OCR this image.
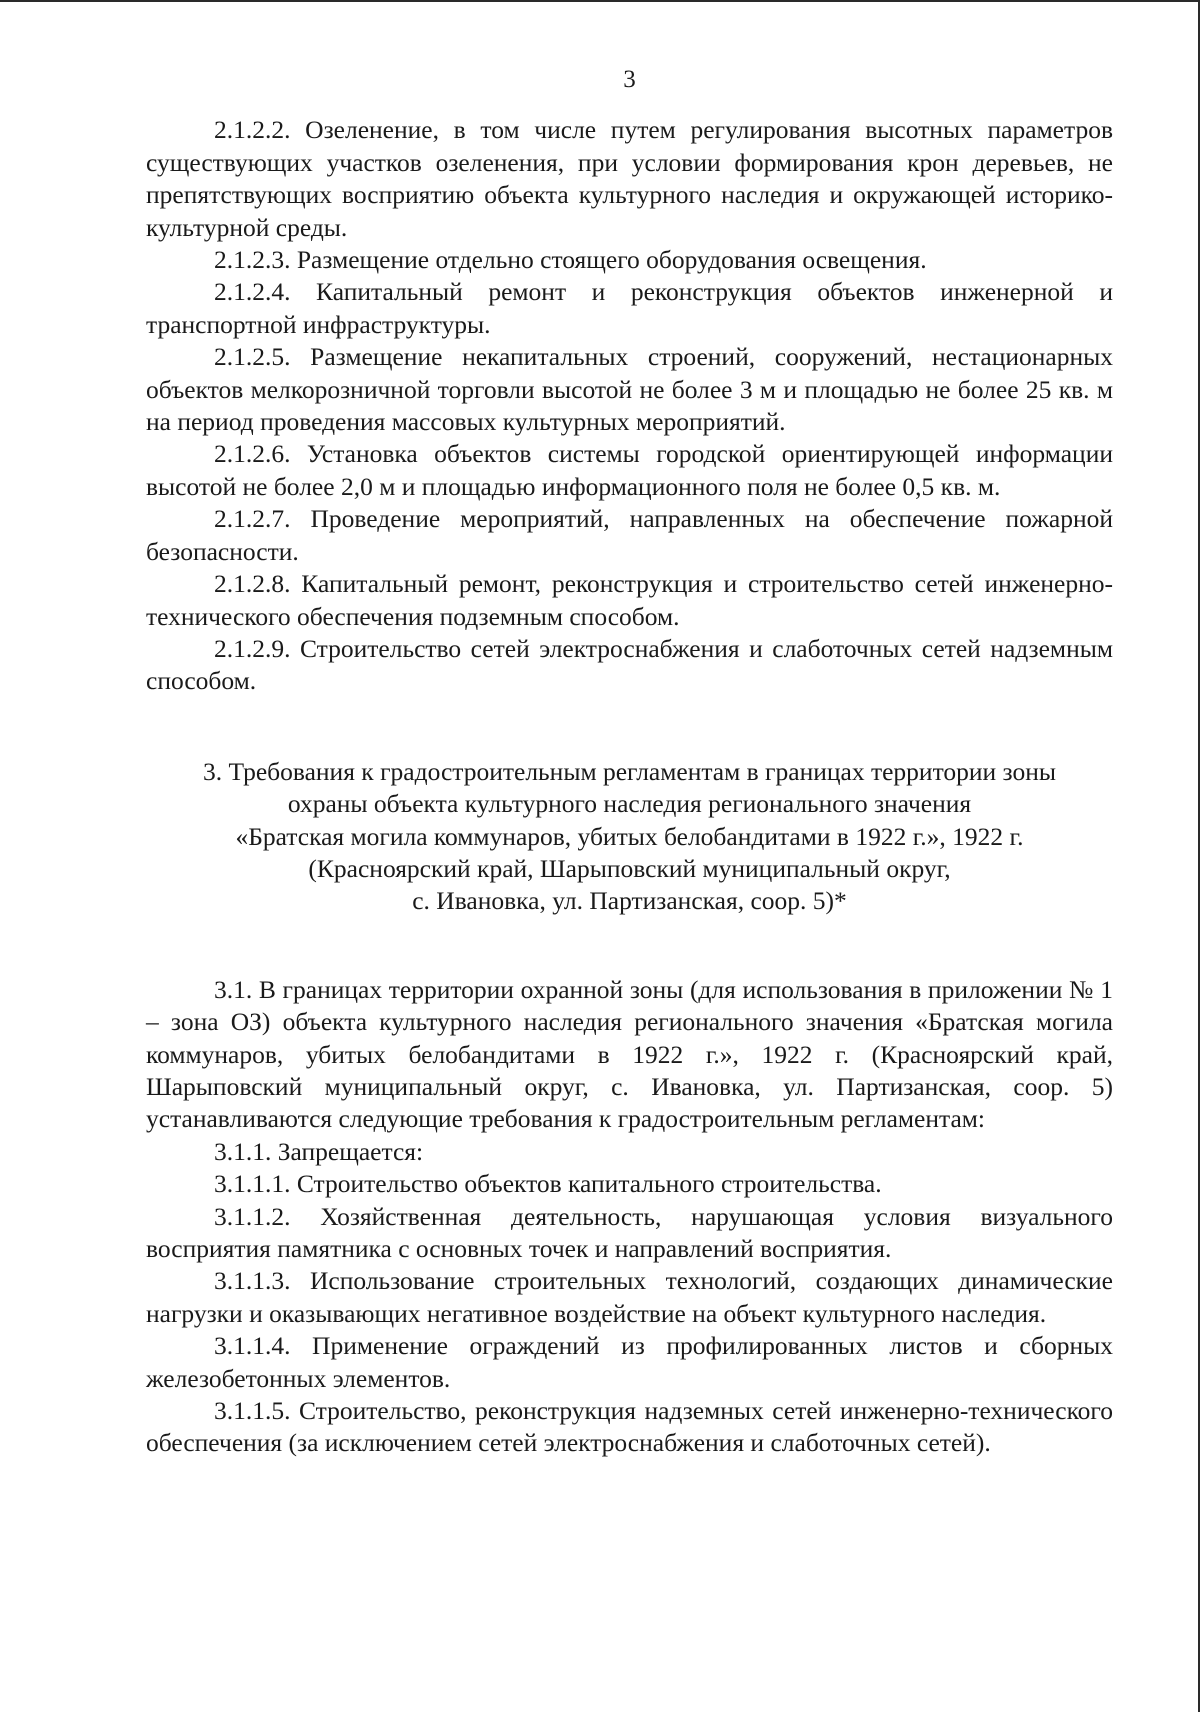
3

2.1.2.2. Озеленение, в том числе путем регулирования высотных параметров существующих участков озеленения, при условии формирования крон деревьев, не препятствующих восприятию объекта культурного наследия и окружающей историко-культурной среды.

2.1.2.3. Размещение отдельно стоящего оборудования освещения.

2.1.2.4. Капитальный ремонт и реконструкция объектов инженерной и транспортной инфраструктуры.

2.1.2.5. Размещение некапитальных строений, сооружений, нестационарных объектов мелкорозничной торговли высотой не более 3 м и площадью не более 25 кв. м на период проведения массовых культурных мероприятий.

2.1.2.6. Установка объектов системы городской ориентирующей информации высотой не более 2,0 м и площадью информационного поля не более 0,5 кв. м.

2.1.2.7. Проведение мероприятий, направленных на обеспечение пожарной безопасности.

2.1.2.8. Капитальный ремонт, реконструкция и строительство сетей инженерно-технического обеспечения подземным способом.

2.1.2.9. Строительство сетей электроснабжения и слаботочных сетей надземным способом.

3. Требования к градостроительным регламентам в границах территории зоны
охраны объекта культурного наследия регионального значения
«Братская могила коммунаров, убитых белобандитами в 1922 г.», 1922 г.
(Красноярский край, Шарыповский муниципальный округ,
с. Ивановка, ул. Партизанская, соор. 5)*

3.1. В границах территории охранной зоны (для использования в приложении № 1 – зона ОЗ) объекта культурного наследия регионального значения «Братская могила коммунаров, убитых белобандитами в 1922 г.», 1922 г. (Красноярский край, Шарыповский муниципальный округ, с. Ивановка, ул. Партизанская, соор. 5) устанавливаются следующие требования к градостроительным регламентам:

3.1.1. Запрещается:

3.1.1.1. Строительство объектов капитального строительства.

3.1.1.2. Хозяйственная деятельность, нарушающая условия визуального восприятия памятника с основных точек и направлений восприятия.

3.1.1.3. Использование строительных технологий, создающих динамические нагрузки и оказывающих негативное воздействие на объект культурного наследия.

3.1.1.4. Применение ограждений из профилированных листов и сборных железобетонных элементов.

3.1.1.5. Строительство, реконструкция надземных сетей инженерно-технического обеспечения (за исключением сетей электроснабжения и слаботочных сетей).
